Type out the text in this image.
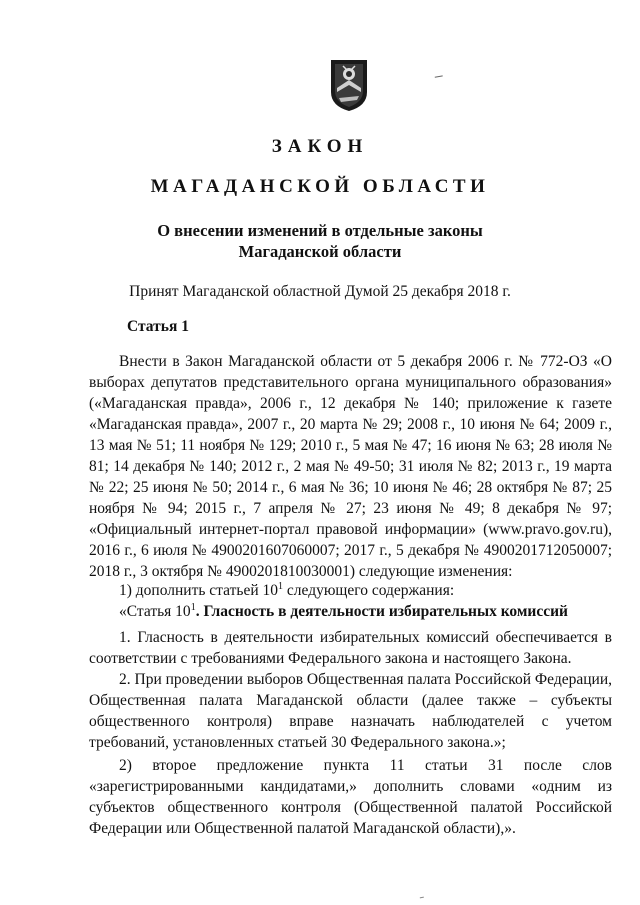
ЗАКОН
МАГАДАНСКОЙ ОБЛАСТИ
О внесении изменений в отдельные законы
Магаданской области
Принят Магаданской областной Думой 25 декабря 2018 г.
Статья 1
Внести в Закон Магаданской области от 5 декабря 2006 г. № 772-ОЗ «О выборах депутатов представительного органа муниципального образования» («Магаданская правда», 2006 г., 12 декабря № 140; приложение к газете «Магаданская правда», 2007 г., 20 марта № 29; 2008 г., 10 июня № 64; 2009 г., 13 мая № 51; 11 ноября № 129; 2010 г., 5 мая № 47; 16 июня № 63; 28 июля № 81; 14 декабря № 140; 2012 г., 2 мая № 49-50; 31 июля № 82; 2013 г., 19 марта № 22; 25 июня № 50; 2014 г., 6 мая № 36; 10 июня № 46; 28 октября № 87; 25 ноября № 94; 2015 г., 7 апреля № 27; 23 июня № 49; 8 декабря № 97; «Официальный интернет-портал правовой информации» (www.pravo.gov.ru), 2016 г., 6 июля № 4900201607060007; 2017 г., 5 декабря № 4900201712050007; 2018 г., 3 октября № 4900201810030001) следующие изменения:
1) дополнить статьей $10^1$ следующего содержания:
«Статья $10^1$. Гласность в деятельности избирательных комиссий
1. Гласность в деятельности избирательных комиссий обеспечивается в соответствии с требованиями Федерального закона и настоящего Закона.
2. При проведении выборов Общественная палата Российской Федерации, Общественная палата Магаданской области (далее также – субъекты общественного контроля) вправе назначать наблюдателей с учетом требований, установленных статьей 30 Федерального закона.»;
2) второе предложение пункта 11 статьи 31 после слов «зарегистрированными кандидатами,» дополнить словами «одним из субъектов общественного контроля (Общественной палатой Российской Федерации или Общественной палатой Магаданской области),».
